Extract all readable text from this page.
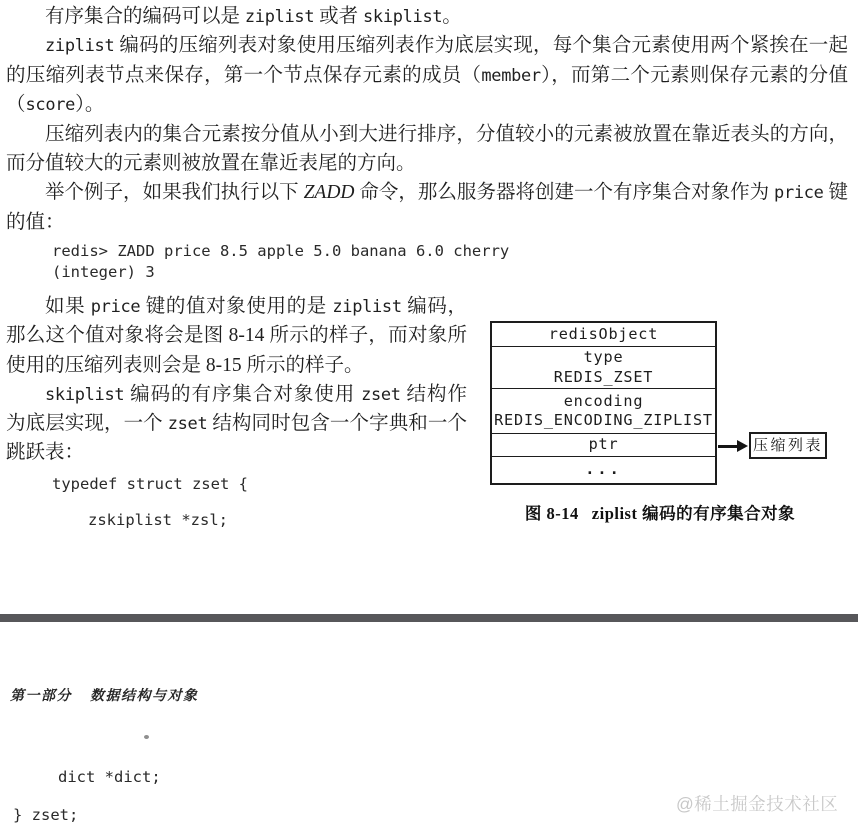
有序集合的编码可以是 ziplist 或者 skiplist。

ziplist 编码的压缩列表对象使用压缩列表作为底层实现，每个集合元素使用两个紧挨在一起的压缩列表节点来保存，第一个节点保存元素的成员（member），而第二个元素则保存元素的分值（score）。

压缩列表内的集合元素按分值从小到大进行排序，分值较小的元素被放置在靠近表头的方向，而分值较大的元素则被放置在靠近表尾的方向。

举个例子，如果我们执行以下 ZADD 命令，那么服务器将创建一个有序集合对象作为 price 键的值：

redis> ZADD price 8.5 apple 5.0 banana 6.0 cherry
(integer) 3

如果 price 键的值对象使用的是 ziplist 编码，那么这个值对象将会是图 8-14 所示的样子，而对象所使用的压缩列表则会是 8-15 所示的样子。

skiplist 编码的有序集合对象使用 zset 结构作为底层实现，一个 zset 结构同时包含一个字典和一个跳跃表：

typedef struct zset {
zskiplist *zsl;
redisObject
type
REDIS_ZSET
encoding
REDIS_ENCODING_ZIPLIST
ptr
...
压缩列表
图 8-14 ziplist 编码的有序集合对象
第一部分 数据结构与对象
dict *dict;
} zset;
@稀土掘金技术社区
